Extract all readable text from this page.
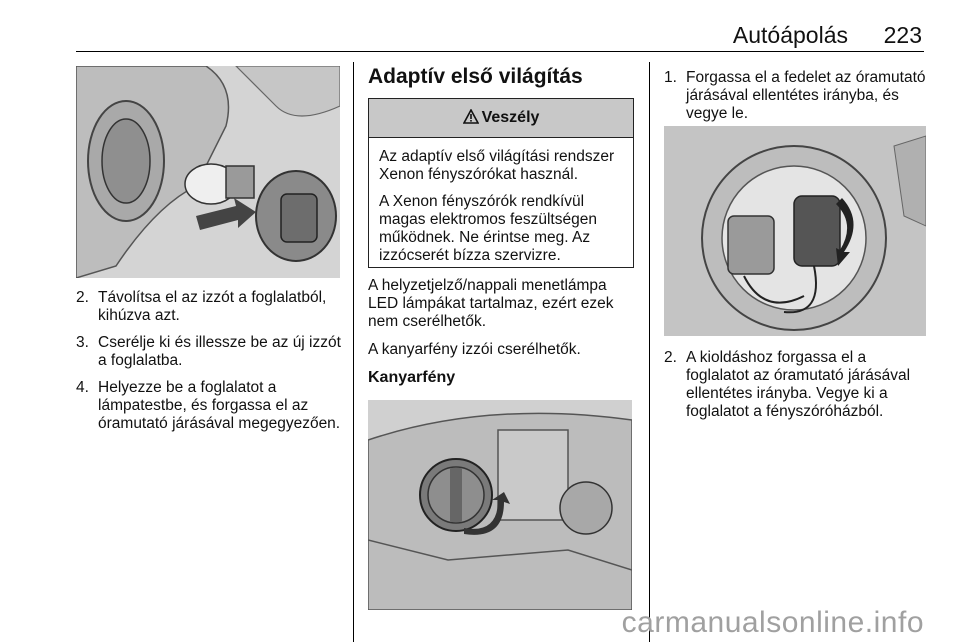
Autóápolás 223
2. Távolítsa el az izzót a foglalatból, kihúzva azt.
3. Cserélje ki és illessze be az új izzót a foglalatba.
4. Helyezze be a foglalatot a lámpatestbe, és forgassa el az óramutató járásával megegyezően.
Adaptív első világítás
Veszély

Az adaptív első világítási rendszer Xenon fényszórókat használ.

A Xenon fényszórók rendkívül magas elektromos feszültségen működnek. Ne érintse meg. Az izzócserét bízza szervizre.

A helyzetjelző/nappali menetlámpa LED lámpákat tartalmaz, ezért ezek nem cserélhetők.

A kanyarfény izzói cserélhetők.

Kanyarfény
1. Forgassa el a fedelet az óramutató járásával ellentétes irányba, és vegye le.
2. A kioldáshoz forgassa el a foglalatot az óramutató járásával ellentétes irányba. Vegye ki a foglalatot a fényszóróházból.
carmanualsonline.info
